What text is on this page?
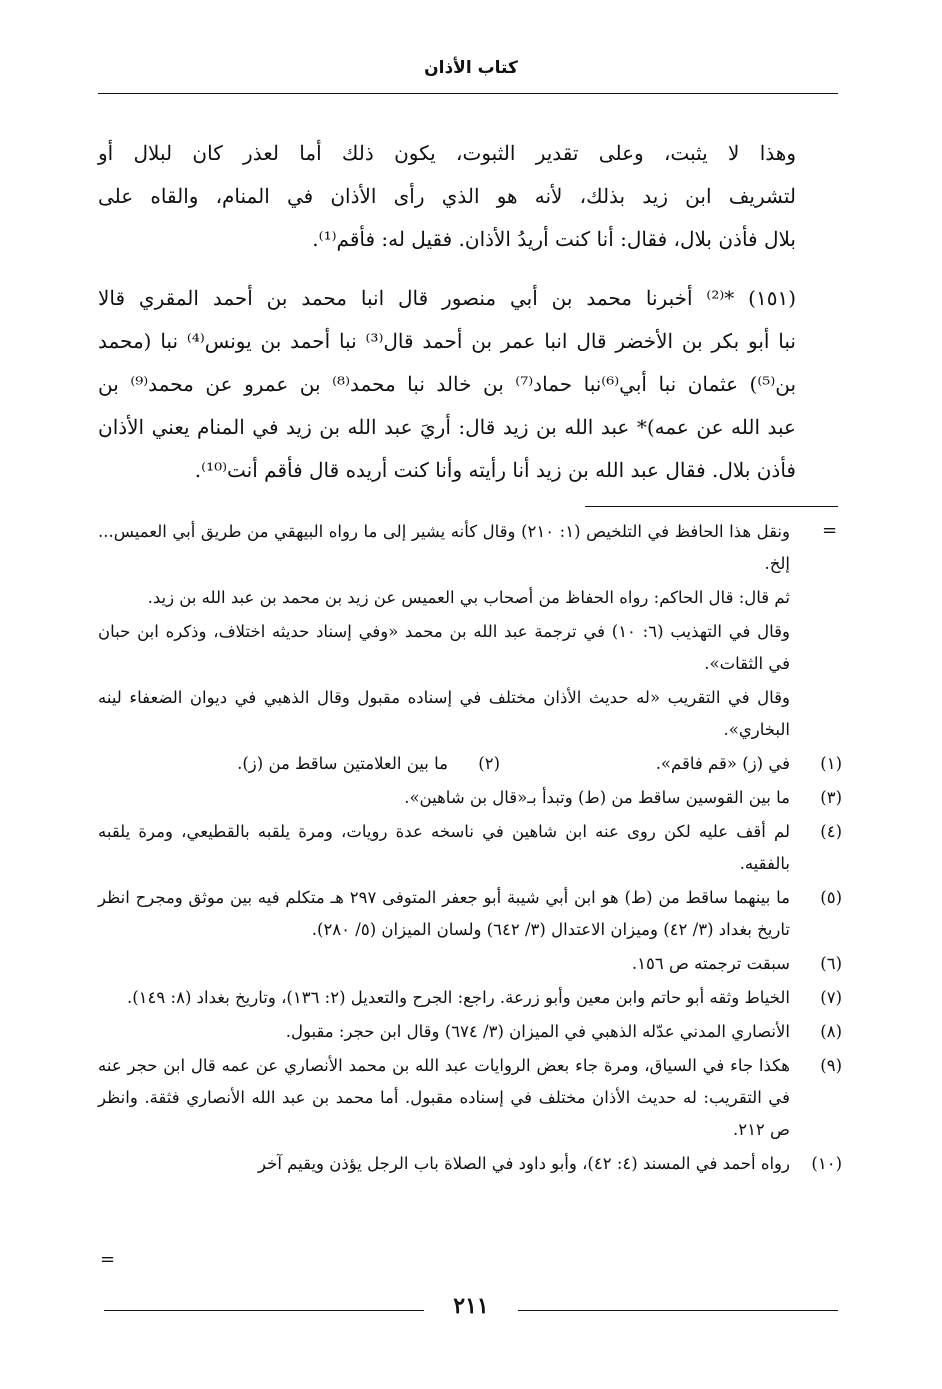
كتاب الأذان

وهذا لا يثبت، وعلى تقدير الثبوت، يكون ذلك أما لعذر كان لبلال أو
لتشريف ابن زيد بذلك، لأنه هو الذي رأى الأذان في المنام، والقاه على
بلال فأذن بلال، فقال: أنا كنت أريدُ الأذان. فقيل له: فأقم⁽¹⁾.

(١٥١) *⁽²⁾ أخبرنا محمد بن أبي منصور قال انبا محمد بن أحمد المقري قالا
نبا أبو بكر بن الأخضر قال انبا عمر بن أحمد قال⁽³⁾ نبا أحمد بن يونس⁽⁴⁾ نبا (محمد
بن⁽⁵⁾) عثمان نبا أبي⁽⁶⁾نبا حماد⁽⁷⁾ بن خالد نبا محمد⁽⁸⁾ بن عمرو عن محمد⁽⁹⁾ بن
عبد الله عن عمه)* عبد الله بن زيد قال: أريَ عبد الله بن زيد في المنام يعني الأذان
فأذن بلال. فقال عبد الله بن زيد أنا رأيته وأنا كنت أريده قال فأقم أنت⁽¹⁰⁾.

=
ونقل هذا الحافظ في التلخيص (١: ٢١٠) وقال كأنه يشير إلى ما رواه البيهقي من طريق أبي العميس... إلخ.
ثم قال: قال الحاكم: رواه الحفاظ من أصحاب بي العميس عن زيد بن محمد بن عبد الله بن زيد.
وقال في التهذيب (٦: ١٠) في ترجمة عبد الله بن محمد «وفي إسناد حديثه اختلاف، وذكره ابن حبان في الثقات».
وقال في التقريب «له حديث الأذان مختلف في إسناده مقبول وقال الذهبي في ديوان الضعفاء لينه البخاري».
(١)
في (ز) «قم فاقم».
(٢)
ما بين العلامتين ساقط من (ز).
(٣)
ما بين القوسين ساقط من (ط) وتبدأ بـ«قال بن شاهين».
(٤)
لم أقف عليه لكن روى عنه ابن شاهين في ناسخه عدة رويات، ومرة يلقبه بالقطيعي، ومرة يلقبه بالفقيه.
(٥)
ما بينهما ساقط من (ط) هو ابن أبي شيبة أبو جعفر المتوفى ٢٩٧ هـ متكلم فيه بين موثق ومجرح انظر تاريخ بغداد (٣/ ٤٢) وميزان الاعتدال (٣/ ٦٤٢) ولسان الميزان (٥/ ٢٨٠).
(٦)
سبقت ترجمته ص ١٥٦.
(٧)
الخياط وثقه أبو حاتم وابن معين وأبو زرعة. راجع: الجرح والتعديل (٢: ١٣٦)، وتاريخ بغداد (٨: ١٤٩).
(٨)
الأنصاري المدني عدّله الذهبي في الميزان (٣/ ٦٧٤) وقال ابن حجر: مقبول.
(٩)
هكذا جاء في السياق، ومرة جاء بعض الروايات عبد الله بن محمد الأنصاري عن عمه قال ابن حجر عنه في التقريب: له حديث الأذان مختلف في إسناده مقبول. أما محمد بن عبد الله الأنصاري فثقة. وانظر ص ٢١٢.
(١٠)
رواه أحمد في المسند (٤: ٤٢)، وأبو داود في الصلاة باب الرجل يؤذن ويقيم آخر
=
٢١١
